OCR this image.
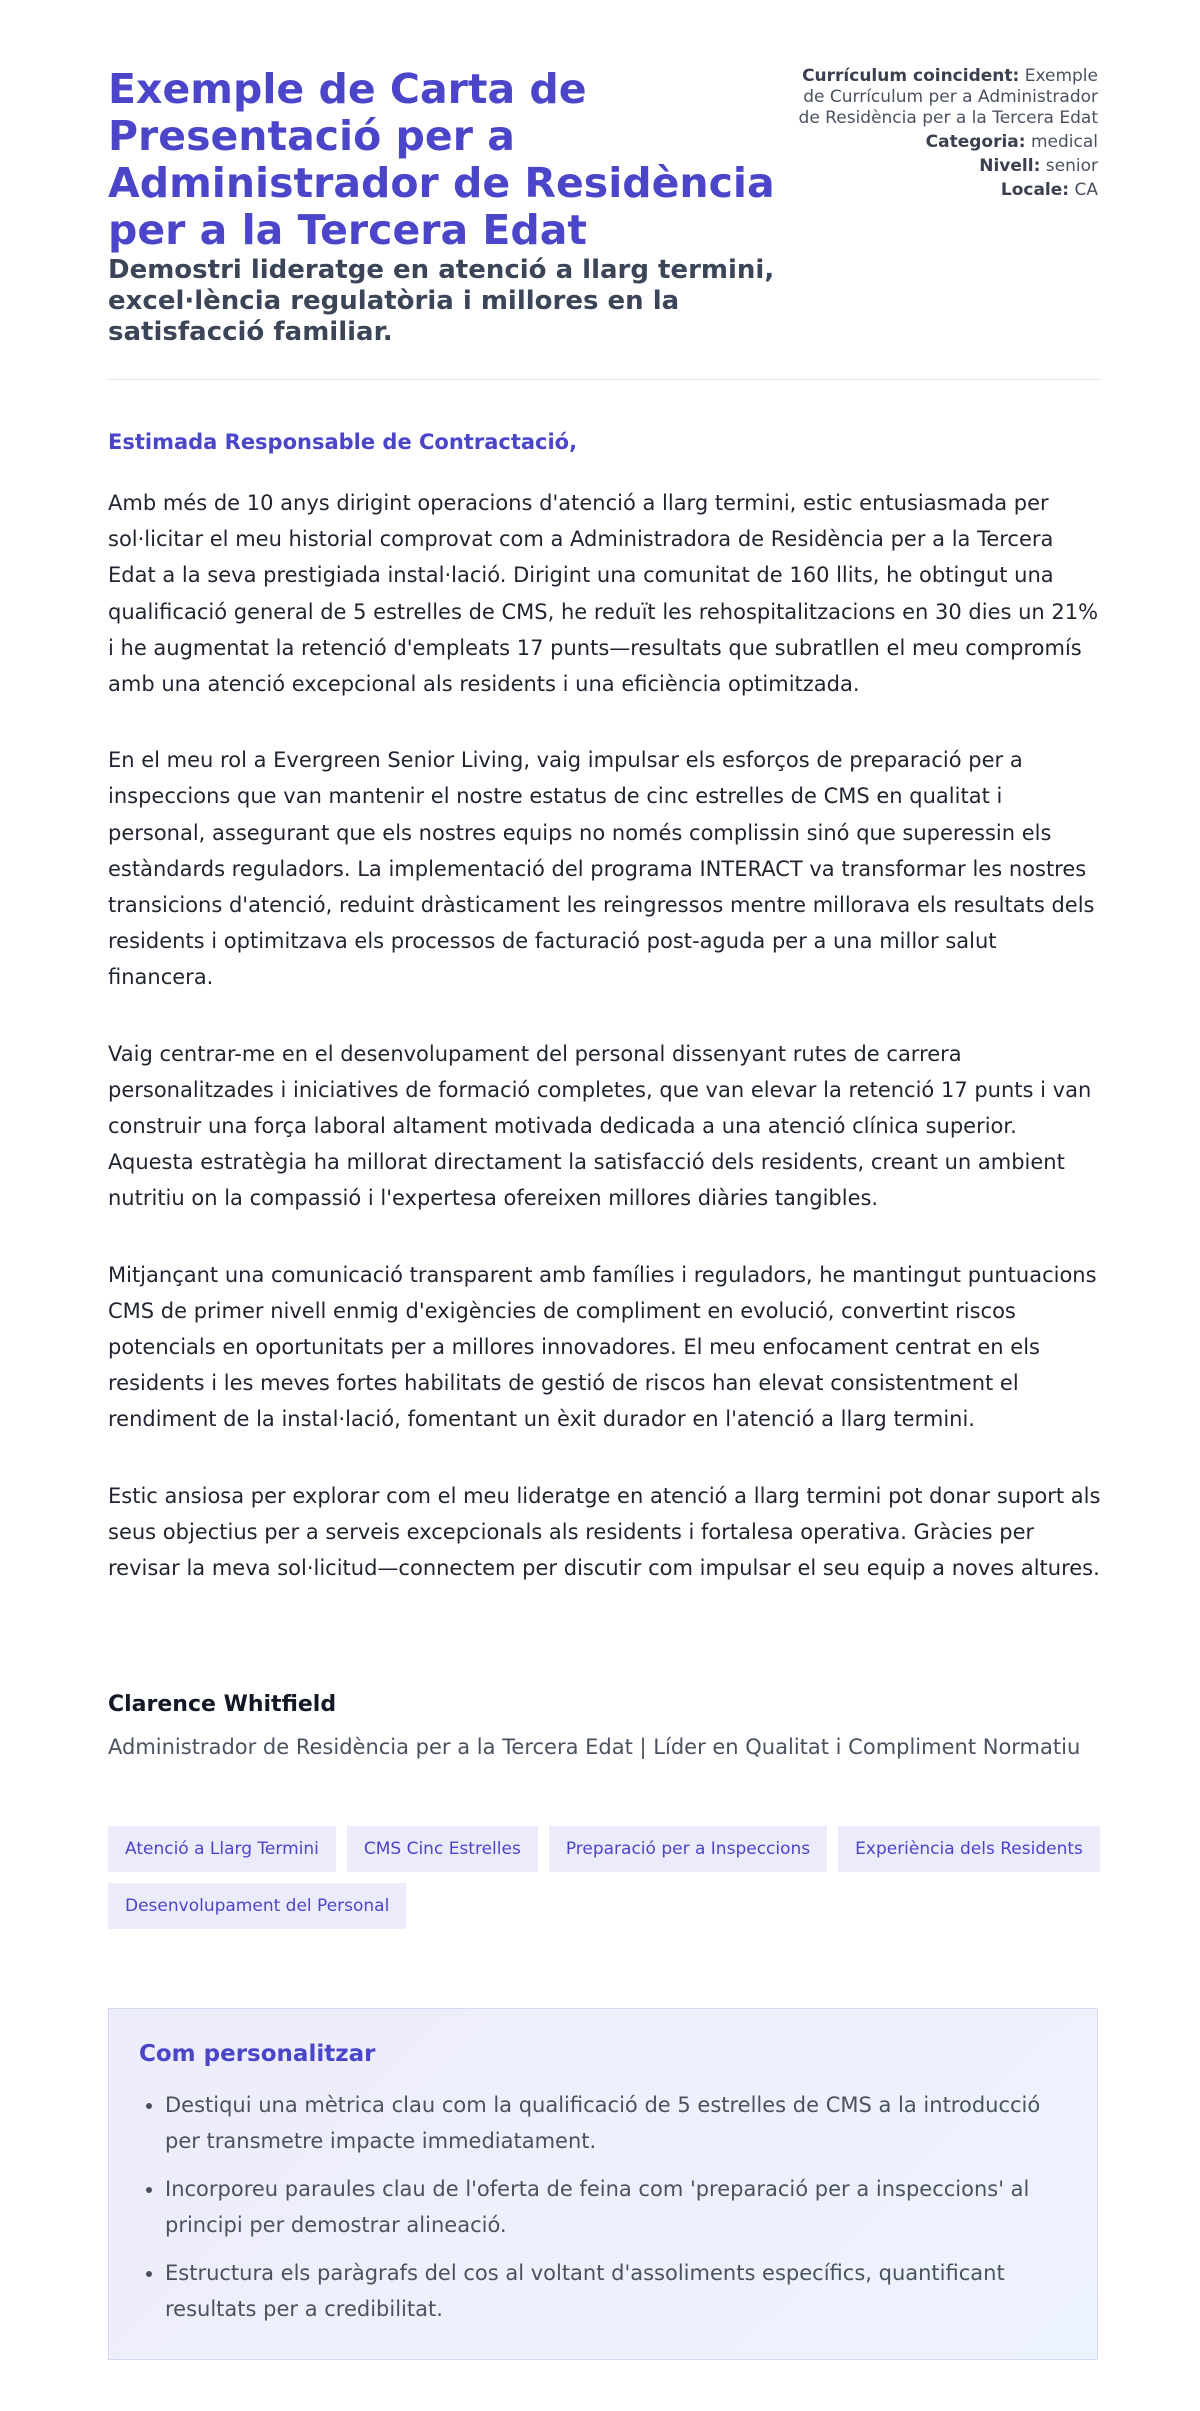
Exemple de Carta de Presentació per a Administrador de Residència per a la Tercera Edat
Demostri lideratge en atenció a llarg termini, excel·lència regulatòria i millores en la satisfacció familiar.
Currículum coincident: Exemple de Currículum per a Administrador de Residència per a la Tercera Edat
Categoria: medical
Nivell: senior
Locale: CA

Estimada Responsable de Contractació,

Amb més de 10 anys dirigint operacions d'atenció a llarg termini, estic entusiasmada per sol·licitar el meu historial comprovat com a Administradora de Residència per a la Tercera Edat a la seva prestigiada instal·lació. Dirigint una comunitat de 160 llits, he obtingut una qualificació general de 5 estrelles de CMS, he reduït les rehospitalitzacions en 30 dies un 21% i he augmentat la retenció d'empleats 17 punts—resultats que subratllen el meu compromís amb una atenció excepcional als residents i una eficiència optimitzada.

En el meu rol a Evergreen Senior Living, vaig impulsar els esforços de preparació per a inspeccions que van mantenir el nostre estatus de cinc estrelles de CMS en qualitat i personal, assegurant que els nostres equips no només complissin sinó que superessin els estàndards reguladors. La implementació del programa INTERACT va transformar les nostres transicions d'atenció, reduint dràsticament les reingressos mentre millorava els resultats dels residents i optimitzava els processos de facturació post-aguda per a una millor salut financera.

Vaig centrar-me en el desenvolupament del personal dissenyant rutes de carrera personalitzades i iniciatives de formació completes, que van elevar la retenció 17 punts i van construir una força laboral altament motivada dedicada a una atenció clínica superior. Aquesta estratègia ha millorat directament la satisfacció dels residents, creant un ambient nutritiu on la compassió i l'expertesa ofereixen millores diàries tangibles.

Mitjançant una comunicació transparent amb famílies i reguladors, he mantingut puntuacions CMS de primer nivell enmig d'exigències de compliment en evolució, convertint riscos potencials en oportunitats per a millores innovadores. El meu enfocament centrat en els residents i les meves fortes habilitats de gestió de riscos han elevat consistentment el rendiment de la instal·lació, fomentant un èxit durador en l'atenció a llarg termini.

Estic ansiosa per explorar com el meu lideratge en atenció a llarg termini pot donar suport als seus objectius per a serveis excepcionals als residents i fortalesa operativa. Gràcies per revisar la meva sol·licitud—connectem per discutir com impulsar el seu equip a noves altures.

Clarence Whitfield

Administrador de Residència per a la Tercera Edat | Líder en Qualitat i Compliment Normatiu

Atenció a Llarg Termini	CMS Cinc Estrelles	Preparació per a Inspeccions	Experiència dels Residents
Desenvolupament del Personal
Com personalitzar
• Destiqui una mètrica clau com la qualificació de 5 estrelles de CMS a la introducció per transmetre impacte immediatament.
• Incorporeu paraules clau de l'oferta de feina com 'preparació per a inspeccions' al principi per demostrar alineació.
• Estructura els paràgrafs del cos al voltant d'assoliments específics, quantificant resultats per a credibilitat.
